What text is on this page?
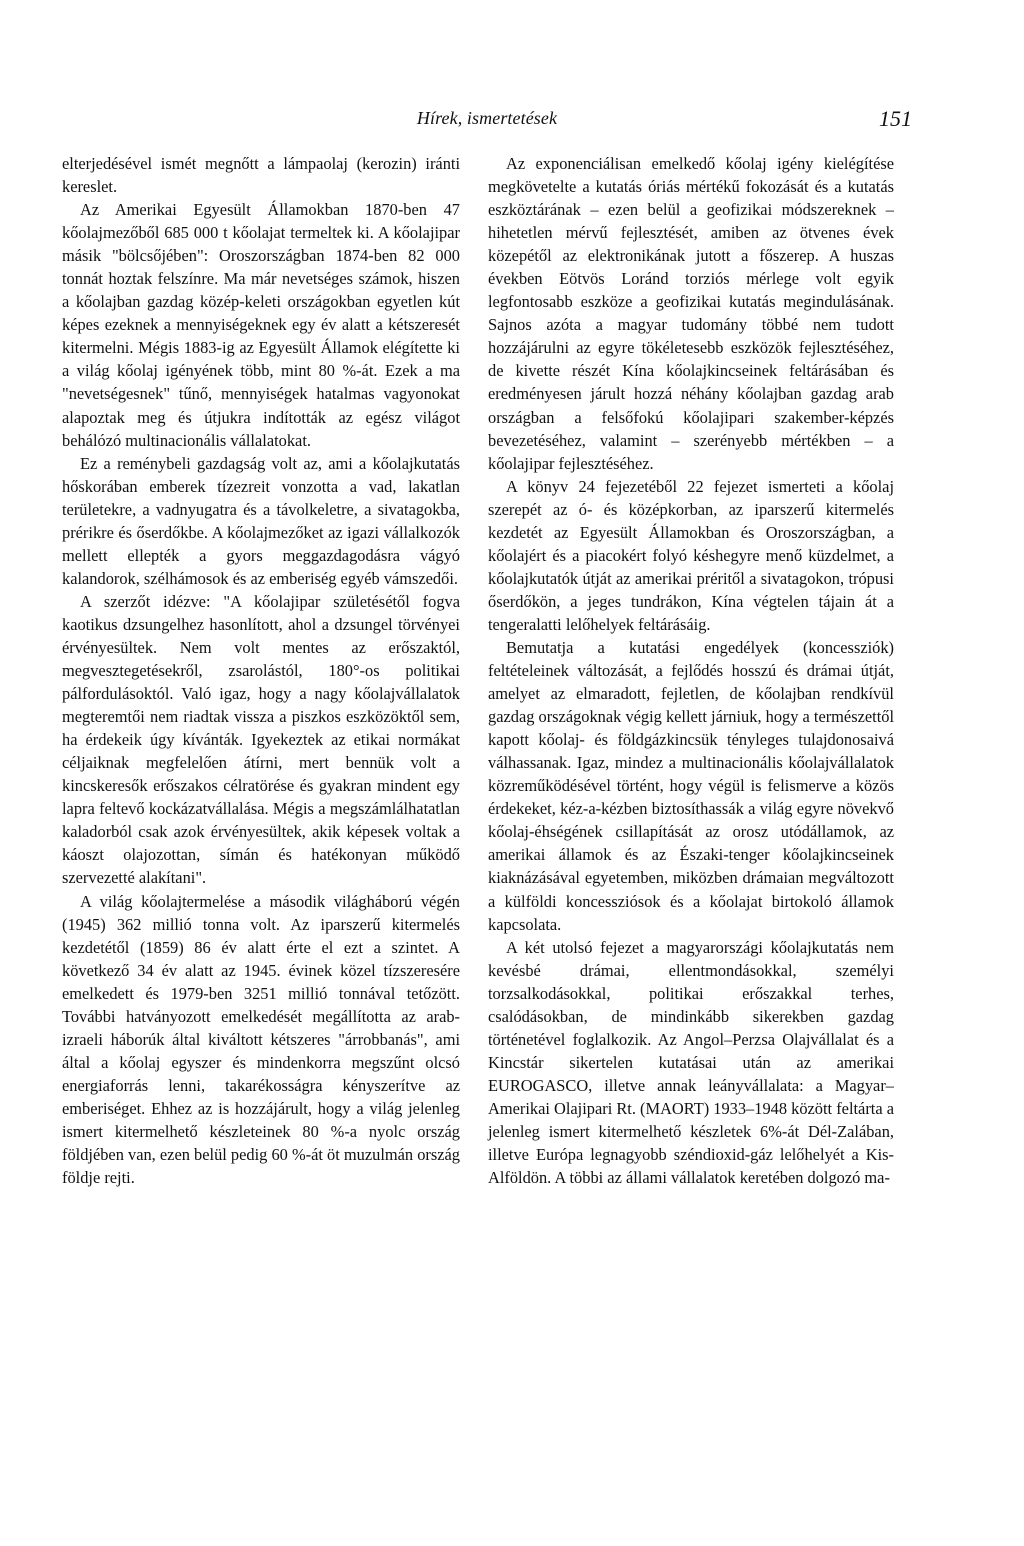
Hírek, ismertetések	151

elterjedésével ismét megnőtt a lámpaolaj (kerozin) iránti kereslet.

Az Amerikai Egyesült Államokban 1870-ben 47 kőolajmezőből 685 000 t kőolajat termeltek ki. A kőolajipar másik "bölcsőjében": Oroszországban 1874-ben 82 000 tonnát hoztak felszínre. Ma már nevetséges számok, hiszen a kőolajban gazdag közép-keleti országokban egyetlen kút képes ezeknek a mennyiségeknek egy év alatt a kétszeresét kitermelni. Mégis 1883-ig az Egyesült Államok elégítette ki a világ kőolaj igényének több, mint 80 %-át. Ezek a ma "nevetségesnek" tűnő, mennyiségek hatalmas vagyonokat alapoztak meg és útjukra indították az egész világot behálózó multinacionális vállalatokat.

Ez a reménybeli gazdagság volt az, ami a kőolajkutatás hőskorában emberek tízezreit vonzotta a vad, lakatlan területekre, a vadnyugatra és a távolkeletre, a sivatagokba, prérikre és őserdőkbe. A kőolajmezőket az igazi vállalkozók mellett ellepték a gyors meggazdagodásra vágyó kalandorok, szélhámosok és az emberiség egyéb vámszedői.

A szerzőt idézve: "A kőolajipar születésétől fogva kaotikus dzsungelhez hasonlított, ahol a dzsungel törvényei érvényesültek. Nem volt mentes az erőszaktól, megvesztegetésekről, zsarolástól, 180°-os politikai pálfordulásoktól. Való igaz, hogy a nagy kőolajvállalatok megteremtői nem riadtak vissza a piszkos eszközöktől sem, ha érdekeik úgy kívánták. Igyekeztek az etikai normákat céljaiknak megfelelően átírni, mert bennük volt a kincskeresők erőszakos célratörése és gyakran mindent egy lapra feltevő kockázatvállalása. Mégis a megszámlálhatatlan kaladorból csak azok érvényesültek, akik képesek voltak a káoszt olajozottan, símán és hatékonyan működő szervezetté alakítani".

A világ kőolajtermelése a második világháború végén (1945) 362 millió tonna volt. Az iparszerű kitermelés kezdetétől (1859) 86 év alatt érte el ezt a szintet. A következő 34 év alatt az 1945. évinek közel tízszeresére emelkedett és 1979-ben 3251 millió tonnával tetőzött. További hatványozott emelkedését megállította az arab-izraeli háborúk által kiváltott kétszeres "árrobbanás", ami által a kőolaj egyszer és mindenkorra megszűnt olcsó energiaforrás lenni, takarékosságra kényszerítve az emberiséget. Ehhez az is hozzájárult, hogy a világ jelenleg ismert kitermelhető készleteinek 80 %-a nyolc ország földjében van, ezen belül pedig 60 %-át öt muzulmán ország földje rejti.

Az exponenciálisan emelkedő kőolaj igény kielégítése megkövetelte a kutatás óriás mértékű fokozását és a kutatás eszköztárának – ezen belül a geofizikai módszereknek – hihetetlen mérvű fejlesztését, amiben az ötvenes évek közepétől az elektronikának jutott a főszerep. A huszas években Eötvös Loránd torziós mérlege volt egyik legfontosabb eszköze a geofizikai kutatás megindulásának. Sajnos azóta a magyar tudomány többé nem tudott hozzájárulni az egyre tökéletesebb eszközök fejlesztéséhez, de kivette részét Kína kőolajkincseinek feltárásában és eredményesen járult hozzá néhány kőolajban gazdag arab országban a felsőfokú kőolajipari szakember-képzés bevezetéséhez, valamint – szerényebb mértékben – a kőolajipar fejlesztéséhez.

A könyv 24 fejezetéből 22 fejezet ismerteti a kőolaj szerepét az ó- és középkorban, az iparszerű kitermelés kezdetét az Egyesült Államokban és Oroszországban, a kőolajért és a piacokért folyó késhegyre menő küzdelmet, a kőolajkutatók útját az amerikai préritől a sivatagokon, trópusi őserdőkön, a jeges tundrákon, Kína végtelen tájain át a tengeralatti lelőhelyek feltárásáig.

Bemutatja a kutatási engedélyek (koncessziók) feltételeinek változását, a fejlődés hosszú és drámai útját, amelyet az elmaradott, fejletlen, de kőolajban rendkívül gazdag országoknak végig kellett járniuk, hogy a természettől kapott kőolaj- és földgázkincsük tényleges tulajdonosaivá válhassanak. Igaz, mindez a multinacionális kőolajvállalatok közreműködésével történt, hogy végül is felismerve a közös érdekeket, kéz-a-kézben biztosíthassák a világ egyre növekvő kőolaj-éhségének csillapítását az orosz utódállamok, az amerikai államok és az Északi-tenger kőolajkincseinek kiaknázásával egyetemben, miközben drámaian megváltozott a külföldi koncessziósok és a kőolajat birtokoló államok kapcsolata.

A két utolsó fejezet a magyarországi kőolajkutatás nem kevésbé drámai, ellentmondásokkal, személyi torzsalkodásokkal, politikai erőszakkal terhes, csalódásokban, de mindinkább sikerekben gazdag történetével foglalkozik. Az Angol–Perzsa Olajvállalat és a Kincstár sikertelen kutatásai után az amerikai EUROGASCO, illetve annak leányvállalata: a Magyar–Amerikai Olajipari Rt. (MAORT) 1933–1948 között feltárta a jelenleg ismert kitermelhető készletek 6%-át Dél-Zalában, illetve Európa legnagyobb széndioxid-gáz lelőhelyét a Kis-Alföldön. A többi az állami vállalatok keretében dolgozó ma-
